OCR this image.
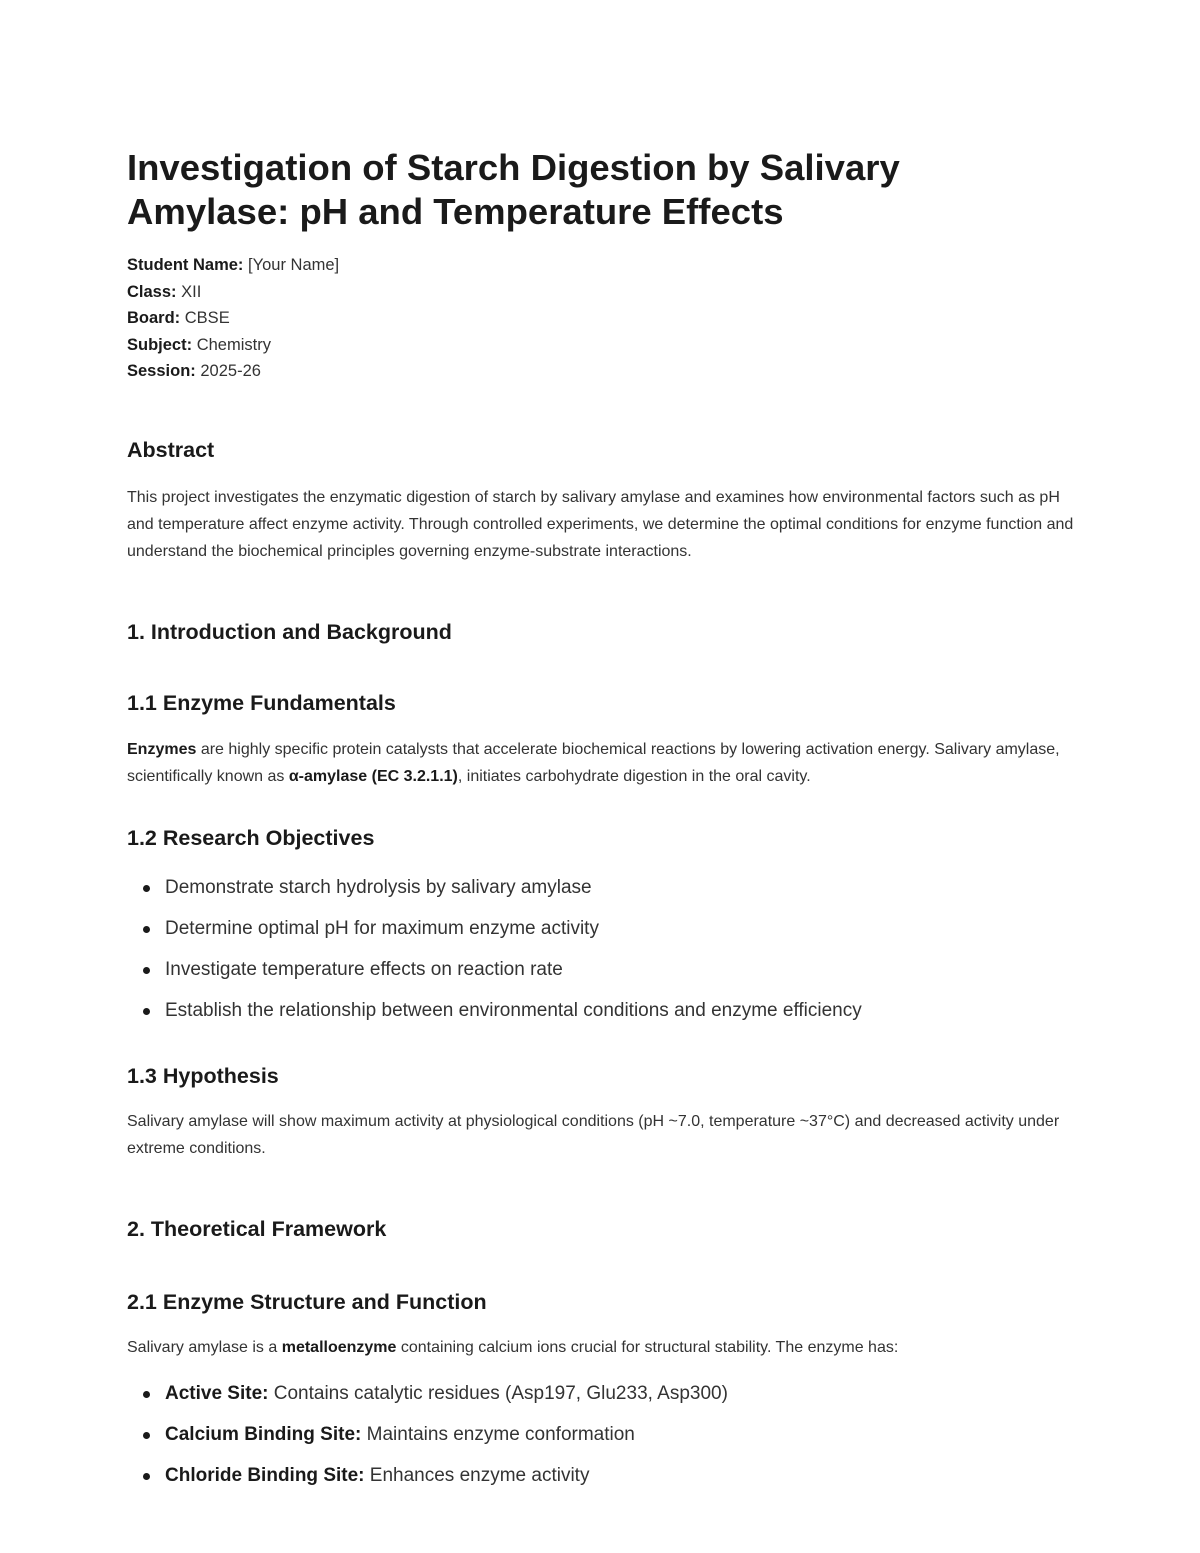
Investigation of Starch Digestion by Salivary Amylase: pH and Temperature Effects
Student Name: [Your Name]
Class: XII
Board: CBSE
Subject: Chemistry
Session: 2025-26
Abstract

This project investigates the enzymatic digestion of starch by salivary amylase and examines how environmental factors such as pH and temperature affect enzyme activity. Through controlled experiments, we determine the optimal conditions for enzyme function and understand the biochemical principles governing enzyme-substrate interactions.

1. Introduction and Background
1.1 Enzyme Fundamentals

Enzymes are highly specific protein catalysts that accelerate biochemical reactions by lowering activation energy. Salivary amylase, scientifically known as α-amylase (EC 3.2.1.1), initiates carbohydrate digestion in the oral cavity.

1.2 Research Objectives
Demonstrate starch hydrolysis by salivary amylase
Determine optimal pH for maximum enzyme activity
Investigate temperature effects on reaction rate
Establish the relationship between environmental conditions and enzyme efficiency
1.3 Hypothesis

Salivary amylase will show maximum activity at physiological conditions (pH ~7.0, temperature ~37°C) and decreased activity under extreme conditions.

2. Theoretical Framework
2.1 Enzyme Structure and Function

Salivary amylase is a metalloenzyme containing calcium ions crucial for structural stability. The enzyme has:

Active Site: Contains catalytic residues (Asp197, Glu233, Asp300)
Calcium Binding Site: Maintains enzyme conformation
Chloride Binding Site: Enhances enzyme activity
